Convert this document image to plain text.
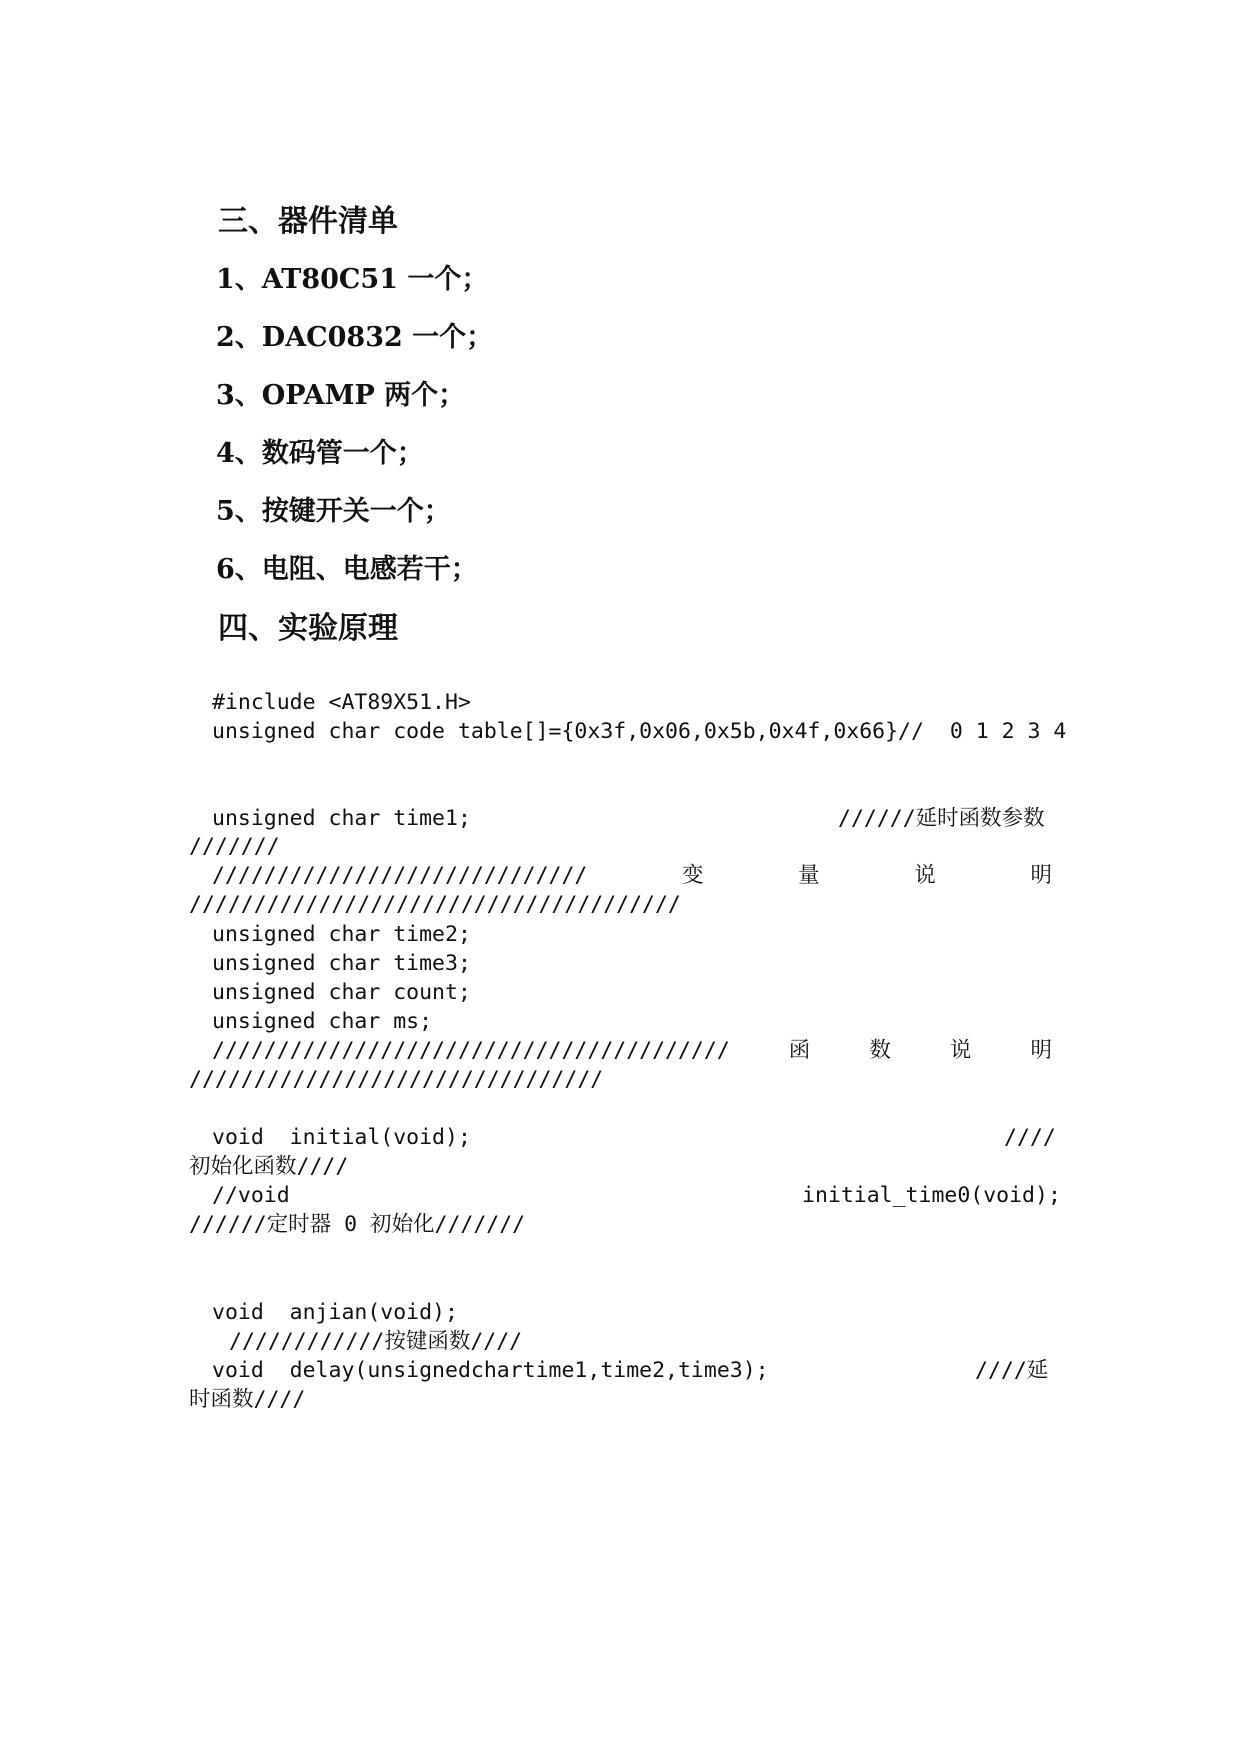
三、器件清单
1、AT80C51 一个；
2、DAC0832 一个；
3、OPAMP 两个；
4、数码管一个；
5、按键开关一个；
6、电阻、电感若干；
四、实验原理
#include <AT89X51.H>
unsigned char code table[]={0x3f,0x06,0x5b,0x4f,0x66}//  0 1 2 3 4
unsigned char time1;	//////延时函数参数
///////
/////////////////////////////	变	量	说	明
//////////////////////////////////////
unsigned char time2;
unsigned char time3;
unsigned char count;
unsigned char ms;
////////////////////////////////////////	函	数	说	明
////////////////////////////////
void  initial(void);	////
初始化函数////
//void	initial_time0(void);
//////定时器 0 初始化///////
void  anjian(void);
////////////按键函数////
void  delay(unsignedchartime1,time2,time3);	////延
时函数////
